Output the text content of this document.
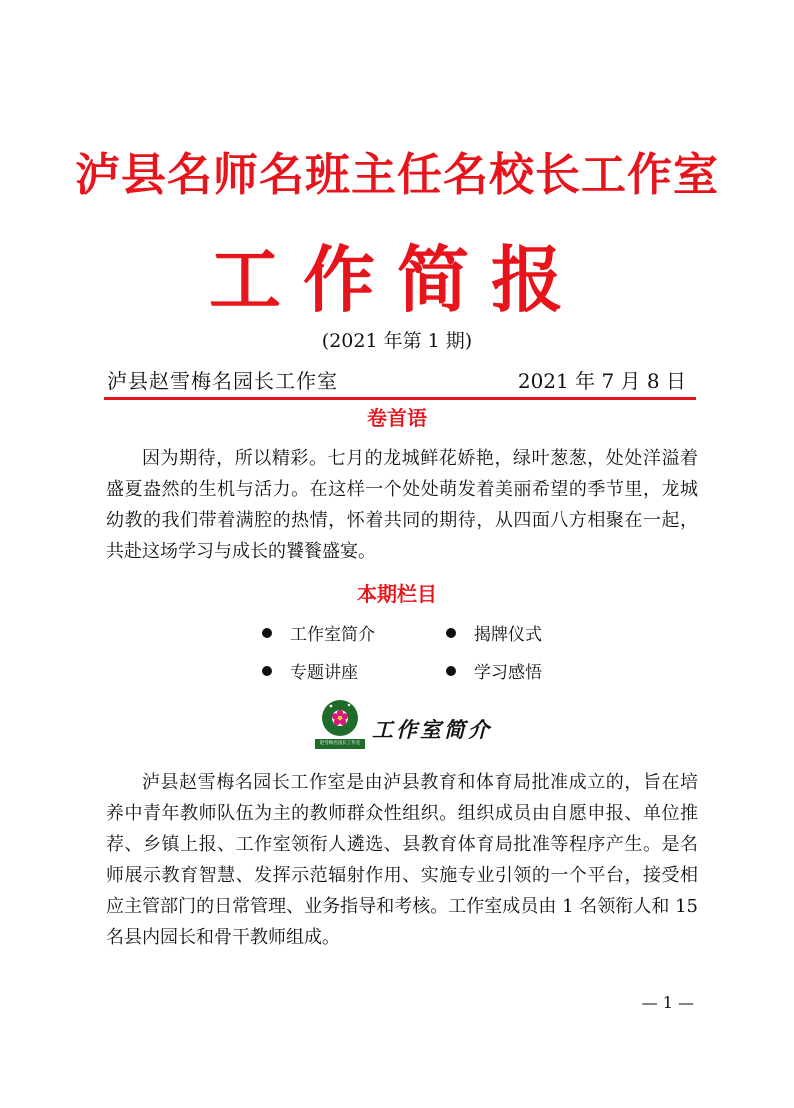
泸县名师名班主任名校长工作室
工作简报
(2021 年第 1 期)
泸县赵雪梅名园长工作室	2021 年 7 月 8 日
卷首语
因为期待，所以精彩。七月的龙城鲜花娇艳，绿叶葱葱，处处洋溢着盛夏盎然的生机与活力。在这样一个处处萌发着美丽希望的季节里，龙城幼教的我们带着满腔的热情，怀着共同的期待，从四面八方相聚在一起，共赴这场学习与成长的饕餮盛宴。
本期栏目
工作室简介	揭牌仪式
专题讲座	学习感悟
赵雪梅名园长工作室
工作室简介
泸县赵雪梅名园长工作室是由泸县教育和体育局批准成立的，旨在培养中青年教师队伍为主的教师群众性组织。组织成员由自愿申报、单位推荐、乡镇上报、工作室领衔人遴选、县教育体育局批准等程序产生。是名师展示教育智慧、发挥示范辐射作用、实施专业引领的一个平台，接受相应主管部门的日常管理、业务指导和考核。工作室成员由 1 名领衔人和 15 名县内园长和骨干教师组成。
— 1 —
